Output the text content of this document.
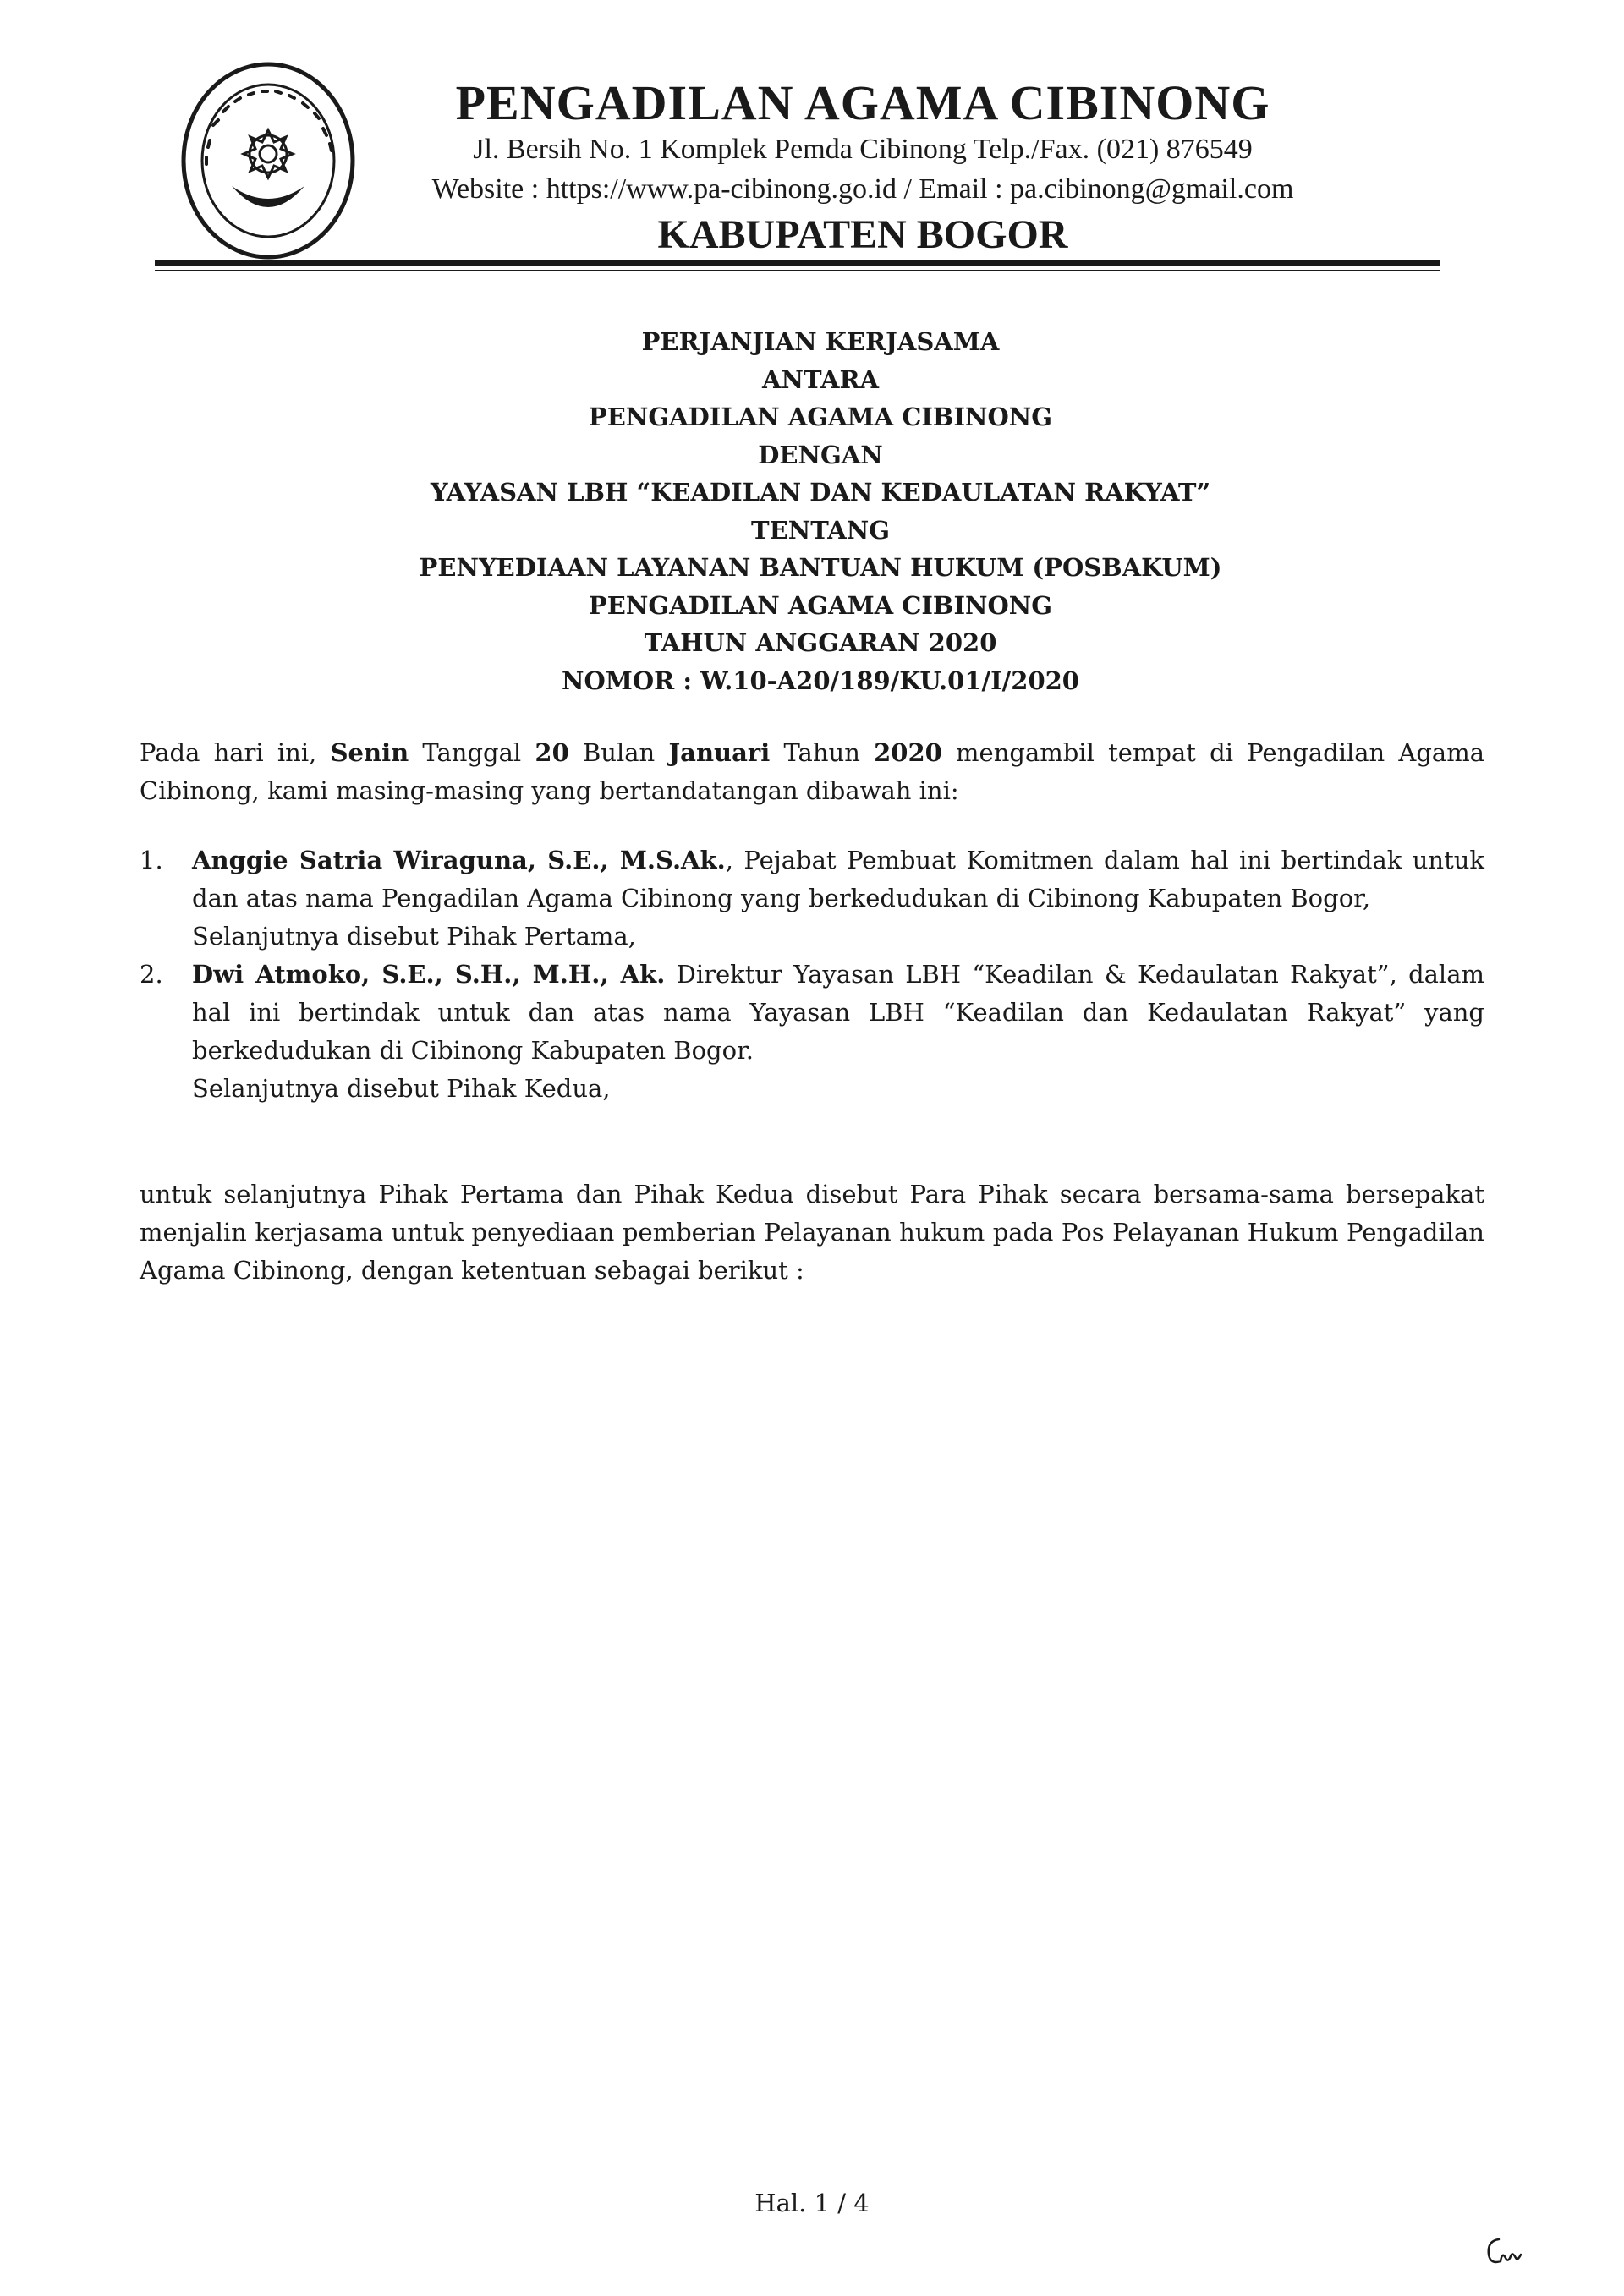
PENGADILAN AGAMA CIBINONG
Jl. Bersih No. 1 Komplek Pemda Cibinong Telp./Fax. (021) 876549
Website : https://www.pa-cibinong.go.id / Email : pa.cibinong@gmail.com
KABUPATEN BOGOR
PERJANJIAN KERJASAMA
ANTARA
PENGADILAN AGAMA CIBINONG
DENGAN
YAYASAN LBH “KEADILAN DAN KEDAULATAN RAKYAT”
TENTANG
PENYEDIAAN LAYANAN BANTUAN HUKUM (POSBAKUM)
PENGADILAN AGAMA CIBINONG
TAHUN ANGGARAN 2020
NOMOR : W.10-A20/189/KU.01/I/2020
Pada hari ini, Senin Tanggal 20 Bulan Januari Tahun 2020 mengambil tempat di Pengadilan Agama Cibinong, kami masing-masing yang bertandatangan dibawah ini:
1. Anggie Satria Wiraguna, S.E., M.S.Ak., Pejabat Pembuat Komitmen dalam hal ini bertindak untuk dan atas nama Pengadilan Agama Cibinong yang berkedudukan di Cibinong Kabupaten Bogor,
Selanjutnya disebut Pihak Pertama,
2. Dwi Atmoko, S.E., S.H., M.H., Ak. Direktur Yayasan LBH “Keadilan & Kedaulatan Rakyat”, dalam hal ini bertindak untuk dan atas nama Yayasan LBH “Keadilan dan Kedaulatan Rakyat” yang berkedudukan di Cibinong Kabupaten Bogor.
Selanjutnya disebut Pihak Kedua,
untuk selanjutnya Pihak Pertama dan Pihak Kedua disebut Para Pihak secara bersama-sama bersepakat menjalin kerjasama untuk penyediaan pemberian Pelayanan hukum pada Pos Pelayanan Hukum Pengadilan Agama Cibinong, dengan ketentuan sebagai berikut :
Hal. 1 / 4
